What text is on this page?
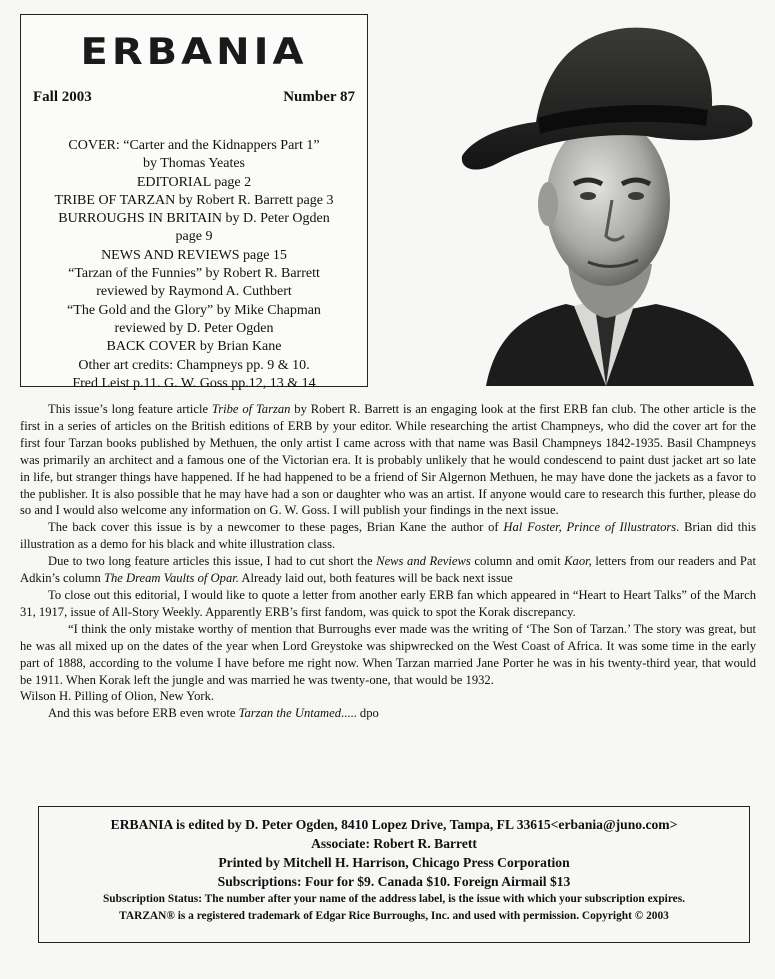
ERBANIA
Fall 2003	Number 87
COVER: “Carter and the Kidnappers Part 1”
by Thomas Yeates
EDITORIAL page 2
TRIBE OF TARZAN by Robert R. Barrett page 3
BURROUGHS IN BRITAIN by D. Peter Ogden
page 9
NEWS AND REVIEWS page 15
“Tarzan of the Funnies” by Robert R. Barrett
reviewed by Raymond A. Cuthbert
“The Gold and the Glory” by Mike Chapman
reviewed by D. Peter Ogden
BACK COVER by Brian Kane
Other art credits: Champneys pp. 9 & 10.
Fred Leist p.11. G. W. Goss pp.12, 13 & 14

This issue’s long feature article Tribe of Tarzan by Robert R. Barrett is an engaging look at the first ERB fan club. The other article is the first in a series of articles on the British editions of ERB by your editor. While researching the artist Champneys, who did the cover art for the first four Tarzan books published by Methuen, the only artist I came across with that name was Basil Champneys 1842-1935. Basil Champneys was primarily an architect and a famous one of the Victorian era. It is probably unlikely that he would condescend to paint dust jacket art so late in life, but stranger things have happened. If he had happened to be a friend of Sir Algernon Methuen, he may have done the jackets as a favor to the publisher. It is also possible that he may have had a son or daughter who was an artist. If anyone would care to research this further, please do so and I would also welcome any information on G. W. Goss. I will publish your findings in the next issue.

The back cover this issue is by a newcomer to these pages, Brian Kane the author of Hal Foster, Prince of Illustrators. Brian did this illustration as a demo for his black and white illustration class.

Due to two long feature articles this issue, I had to cut short the News and Reviews column and omit Kaor, letters from our readers and Pat Adkin’s column The Dream Vaults of Opar. Already laid out, both features will be back next issue

To close out this editorial, I would like to quote a letter from another early ERB fan which appeared in “Heart to Heart Talks” of the March 31, 1917, issue of All-Story Weekly. Apparently ERB’s first fandom, was quick to spot the Korak discrepancy.

“I think the only mistake worthy of mention that Burroughs ever made was the writing of ‘The Son of Tarzan.’ The story was great, but he was all mixed up on the dates of the year when Lord Greystoke was shipwrecked on the West Coast of Africa. It was some time in the early part of 1888, according to the volume I have before me right now. When Tarzan married Jane Porter he was in his twenty-third year, that would be 1911. When Korak left the jungle and was married he was twenty-one, that would be 1932.

Wilson H. Pilling of Olion, New York.

And this was before ERB even wrote Tarzan the Untamed..... dpo

ERBANIA is edited by D. Peter Ogden, 8410 Lopez Drive, Tampa, FL 33615<erbania@juno.com>
Associate: Robert R. Barrett
Printed by Mitchell H. Harrison, Chicago Press Corporation
Subscriptions: Four for $9. Canada $10. Foreign Airmail $13
Subscription Status: The number after your name of the address label, is the issue with which your subscription expires.
TARZAN® is a registered trademark of Edgar Rice Burroughs, Inc. and used with permission. Copyright © 2003
